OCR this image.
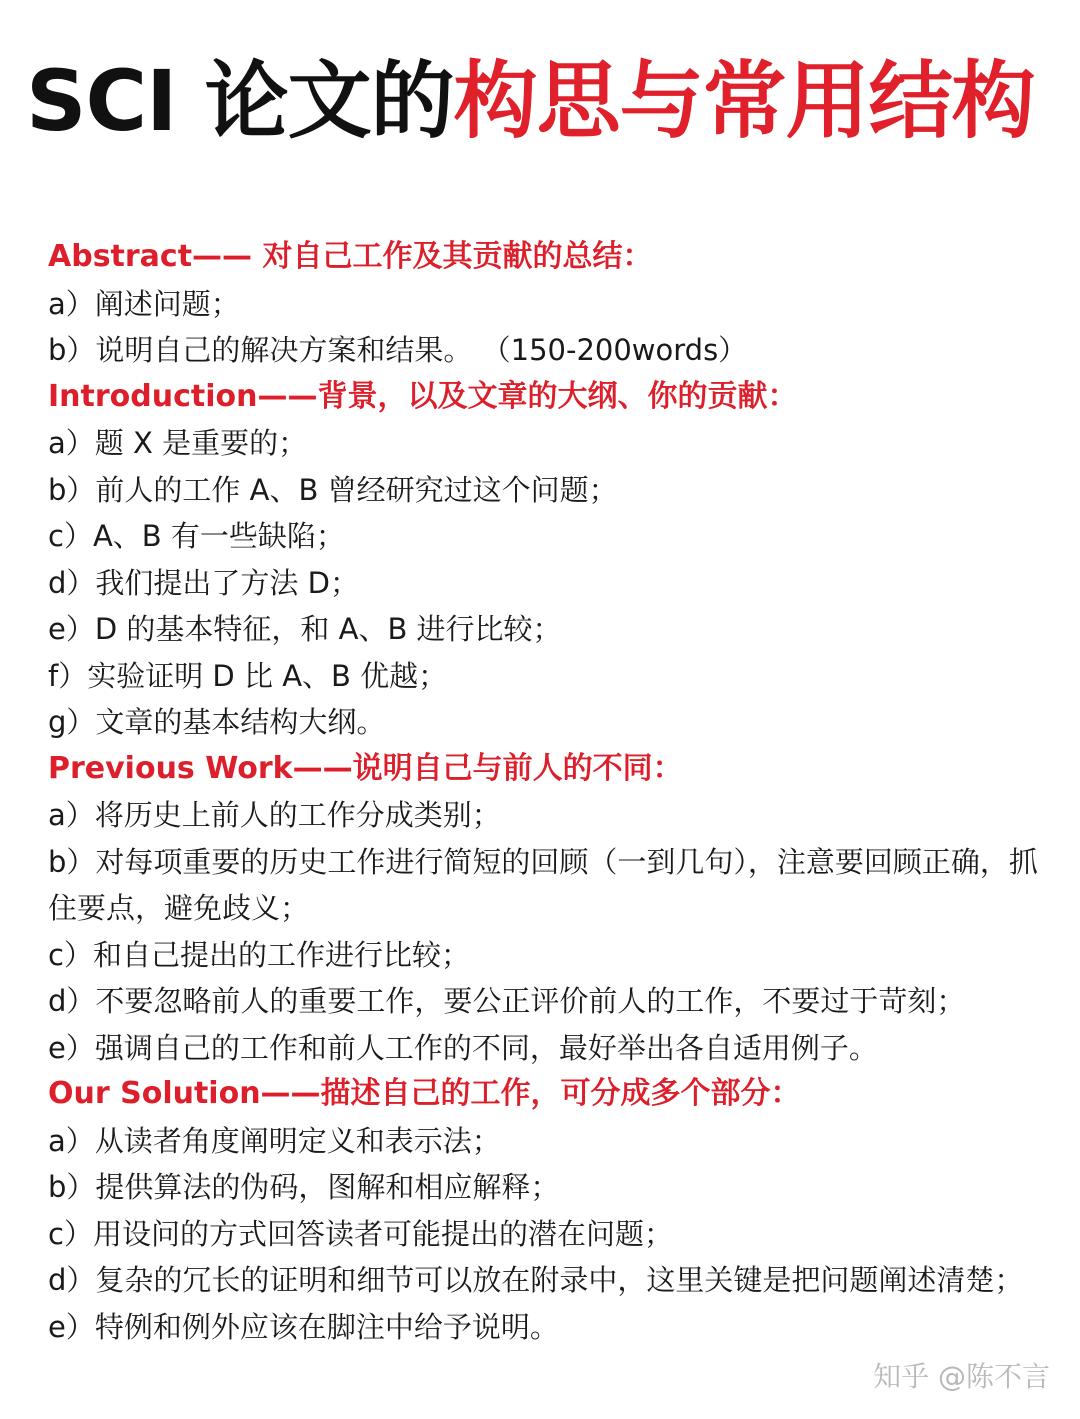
SCI 论文的构思与常用结构
Abstract—— 对自己工作及其贡献的总结：
a）阐述问题；
b）说明自己的解决方案和结果。 （150-200words）
Introduction——背景，以及文章的大纲、你的贡献：
a）题 X 是重要的；
b）前人的工作 A、B 曾经研究过这个问题；
c）A、B 有一些缺陷；
d）我们提出了方法 D；
e）D 的基本特征，和 A、B 进行比较；
f）实验证明 D 比 A、B 优越；
g）文章的基本结构大纲。
Previous Work——说明自己与前人的不同：
a）将历史上前人的工作分成类别；
b）对每项重要的历史工作进行简短的回顾（一到几句），注意要回顾正确，抓住要点，避免歧义；
c）和自己提出的工作进行比较；
d）不要忽略前人的重要工作，要公正评价前人的工作，不要过于苛刻；
e）强调自己的工作和前人工作的不同，最好举出各自适用例子。
Our Solution——描述自己的工作，可分成多个部分：
a）从读者角度阐明定义和表示法；
b）提供算法的伪码，图解和相应解释；
c）用设问的方式回答读者可能提出的潜在问题；
d）复杂的冗长的证明和细节可以放在附录中，这里关键是把问题阐述清楚；
e）特例和例外应该在脚注中给予说明。
知乎 @陈不言
